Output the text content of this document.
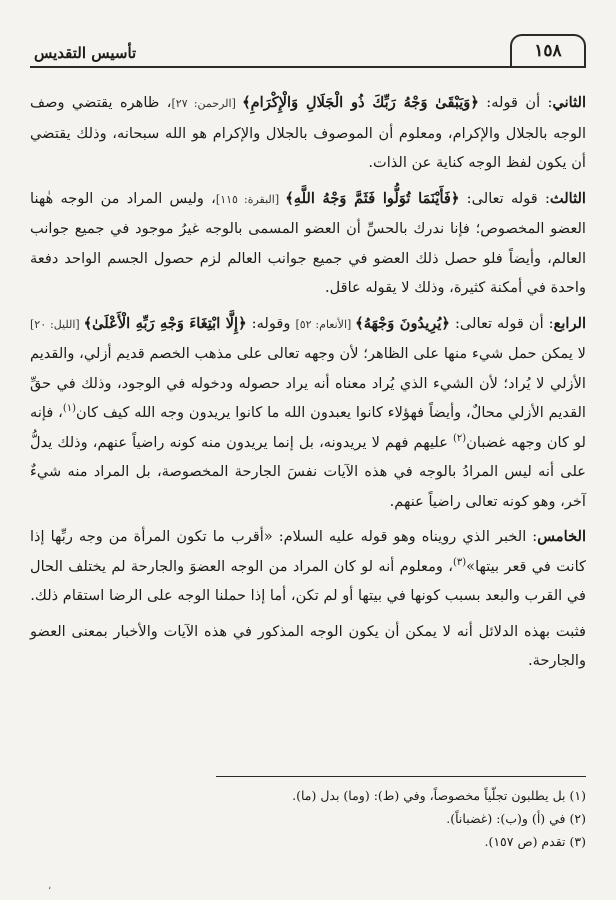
١٥٨
تأسيس التقديس

الثاني: أن قوله: ﴿وَيَبْقَىٰ وَجْهُ رَبِّكَ ذُو الْجَلَالِ وَالْإِكْرَامِ﴾ [الرحمن: ٢٧]، ظاهره يقتضي وصف الوجه بالجلال والإكرام، ومعلوم أن الموصوف بالجلال والإكرام هو الله سبحانه، وذلك يقتضي أن يكون لفظ الوجه كناية عن الذات.

الثالث: قوله تعالى: ﴿فَأَيْنَمَا تُوَلُّوا فَثَمَّ وَجْهُ اللَّهِ﴾ [البقرة: ١١٥]، وليس المراد من الوجه هٰهنا العضو المخصوص؛ فإنا ندرك بالحسِّ أن العضو المسمى بالوجه غيرُ موجود في جميع جوانب العالم، وأيضاً فلو حصل ذلك العضو في جميع جوانب العالم لزم حصول الجسم الواحد دفعة واحدة في أمكنة كثيرة، وذلك لا يقوله عاقل.

الرابع: أن قوله تعالى: ﴿يُرِيدُونَ وَجْهَهُ﴾ [الأنعام: ٥٢] وقوله: ﴿إِلَّا ابْتِغَاءَ وَجْهِ رَبِّهِ الْأَعْلَىٰ﴾ [الليل: ٢٠] لا يمكن حمل شيء منها على الظاهر؛ لأن وجهه تعالى على مذهب الخصم قديم أزلي، والقديم الأزلي لا يُراد؛ لأن الشيء الذي يُراد معناه أنه يراد حصوله ودخوله في الوجود، وذلك في حقِّ القديم الأزلي محالٌ، وأيضاً فهؤلاء كانوا يعبدون الله ما كانوا يريدون وجه الله كيف كان$^{(١)}$، فإنه لو كان وجهه غضبان$^{(٢)}$ عليهم فهم لا يريدونه، بل إنما يريدون منه كونه راضياً عنهم، وذلك يدلُّ على أنه ليس المرادُ بالوجه في هذه الآيات نفسَ الجارحة المخصوصة، بل المراد منه شيءٌ آخر، وهو كونه تعالى راضياً عنهم.

الخامس: الخبر الذي رويناه وهو قوله عليه السلام: «أقرب ما تكون المرأة من وجه ربِّها إذا كانت في قعر بيتها»$^{(٣)}$، ومعلوم أنه لو كان المراد من الوجه العضوَ والجارحة لم يختلف الحال في القرب والبعد بسبب كونها في بيتها أو لم تكن، أما إذا حملنا الوجه على الرضا استقام ذلك.

فثبت بهذه الدلائل أنه لا يمكن أن يكون الوجه المذكور في هذه الآيات والأخبار بمعنى العضو والجارحة.

(١) بل يطلبون تجلّياً مخصوصاً، وفي (ط): (وما) بدل (ما).
(٢) في (أ) و(ب): (غضباناً).
(٣) تقدم (ص ١٥٧).
،
